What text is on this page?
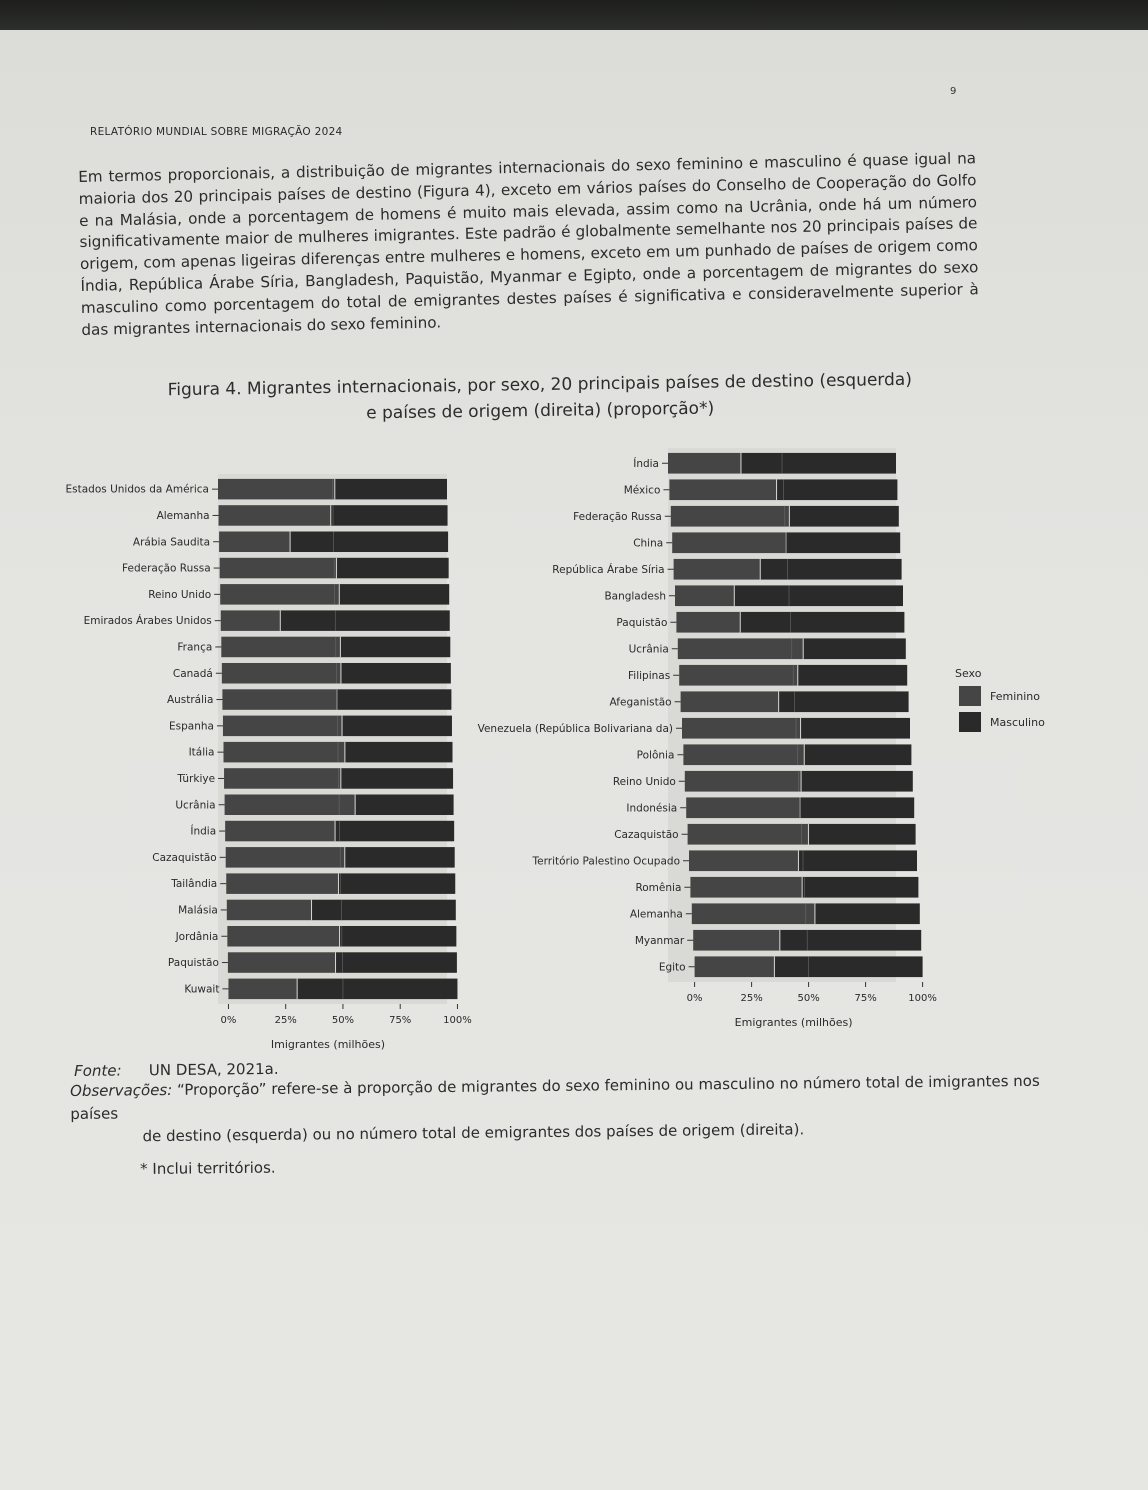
9
RELATÓRIO MUNDIAL SOBRE MIGRAÇÃO 2024

Em termos proporcionais, a distribuição de migrantes internacionais do sexo feminino e masculino é quase igual na maioria dos 20 principais países de destino (Figura 4), exceto em vários países do Conselho de Cooperação do Golfo e na Malásia, onde a porcentagem de homens é muito mais elevada, assim como na Ucrânia, onde há um número significativamente maior de mulheres imigrantes. Este padrão é globalmente semelhante nos 20 principais países de origem, com apenas ligeiras diferenças entre mulheres e homens, exceto em um punhado de países de origem como Índia, República Árabe Síria, Bangladesh, Paquistão, Myanmar e Egipto, onde a porcentagem de migrantes do sexo masculino como porcentagem do total de emigrantes destes países é significativa e consideravelmente superior à das migrantes internacionais do sexo feminino.

Figura 4. Migrantes internacionais, por sexo, 20 principais países de destino (esquerda)
e países de origem (direita) (proporção*)
Estados Unidos da América
Alemanha
Arábia Saudita
Federação Russa
Reino Unido
Emirados Árabes Unidos
França
Canadá
Austrália
Espanha
Itália
Türkiye
Ucrânia
Índia
Cazaquistão
Tailândia
Malásia
Jordânia
Paquistão
Kuwait
0%	25%	50%	75%	100%
Imigrantes (milhões)
Índia
México
Federação Russa
China
República Árabe Síria
Bangladesh
Paquistão
Ucrânia
Filipinas
Afeganistão
Venezuela (República Bolivariana da)
Polônia
Reino Unido
Indonésia
Cazaquistão
Território Palestino Ocupado
Romênia
Alemanha
Myanmar
Egito
0%	25%	50%	75%	100%
Emigrantes (milhões)
Sexo
Feminino
Masculino
Fonte: UN DESA, 2021a.
Observações: “Proporção” refere-se à proporção de migrantes do sexo feminino ou masculino no número total de imigrantes nos países
de destino (esquerda) ou no número total de emigrantes dos países de origem (direita).
* Inclui territórios.
